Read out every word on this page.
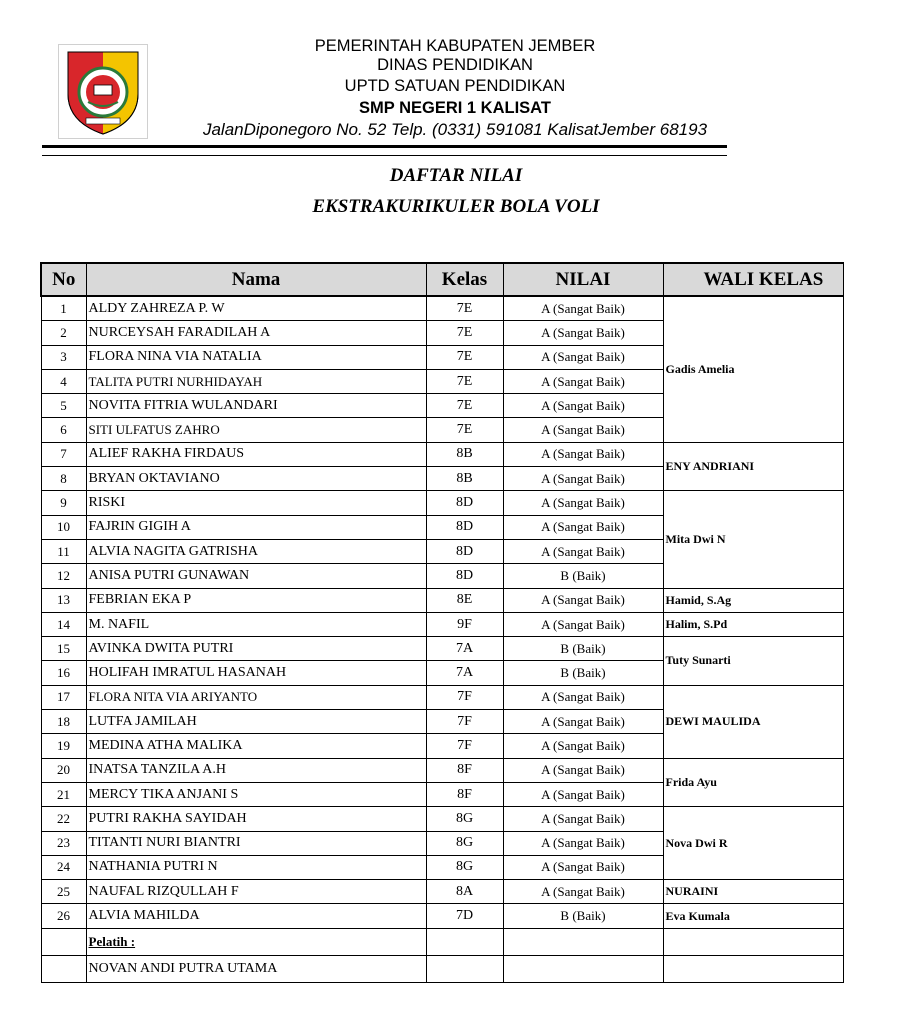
PEMERINTAH KABUPATEN JEMBER
DINAS PENDIDIKAN
UPTD SATUAN PENDIDIKAN
SMP NEGERI 1 KALISAT
JalanDiponegoro No. 52 Telp. (0331) 591081 KalisatJember 68193
DAFTAR NILAI
EKSTRAKURIKULER BOLA VOLI
No	Nama	Kelas	NILAI	WALI KELAS
1	ALDY ZAHREZA P. W	7E	A (Sangat Baik)	Gadis Amelia
2	NURCEYSAH FARADILAH A	7E	A (Sangat Baik)	
3	FLORA NINA VIA NATALIA	7E	A (Sangat Baik)	
4	TALITA PUTRI NURHIDAYAH	7E	A (Sangat Baik)	
5	NOVITA FITRIA WULANDARI	7E	A (Sangat Baik)	
6	SITI ULFATUS ZAHRO	7E	A (Sangat Baik)	
7	ALIEF RAKHA FIRDAUS	8B	A (Sangat Baik)	ENY ANDRIANI
8	BRYAN OKTAVIANO	8B	A (Sangat Baik)	
9	RISKI	8D	A (Sangat Baik)	Mita Dwi N
10	FAJRIN GIGIH A	8D	A (Sangat Baik)	
11	ALVIA NAGITA GATRISHA	8D	A (Sangat Baik)	
12	ANISA PUTRI GUNAWAN	8D	B (Baik)	
13	FEBRIAN EKA P	8E	A (Sangat Baik)	Hamid, S.Ag
14	M. NAFIL	9F	A (Sangat Baik)	Halim, S.Pd
15	AVINKA DWITA PUTRI	7A	B (Baik)	Tuty Sunarti
16	HOLIFAH IMRATUL HASANAH	7A	B (Baik)	
17	FLORA NITA VIA ARIYANTO	7F	A (Sangat Baik)	DEWI MAULIDA
18	LUTFA JAMILAH	7F	A (Sangat Baik)	
19	MEDINA ATHA MALIKA	7F	A (Sangat Baik)	
20	INATSA TANZILA A.H	8F	A (Sangat Baik)	Frida Ayu
21	MERCY TIKA ANJANI S	8F	A (Sangat Baik)	
22	PUTRI RAKHA SAYIDAH	8G	A (Sangat Baik)	Nova Dwi R
23	TITANTI NURI BIANTRI	8G	A (Sangat Baik)	
24	NATHANIA PUTRI N	8G	A (Sangat Baik)	
25	NAUFAL RIZQULLAH F	8A	A (Sangat Baik)	NURAINI
26	ALVIA MAHILDA	7D	B (Baik)	Eva Kumala
	Pelatih :			
	NOVAN ANDI PUTRA UTAMA			
